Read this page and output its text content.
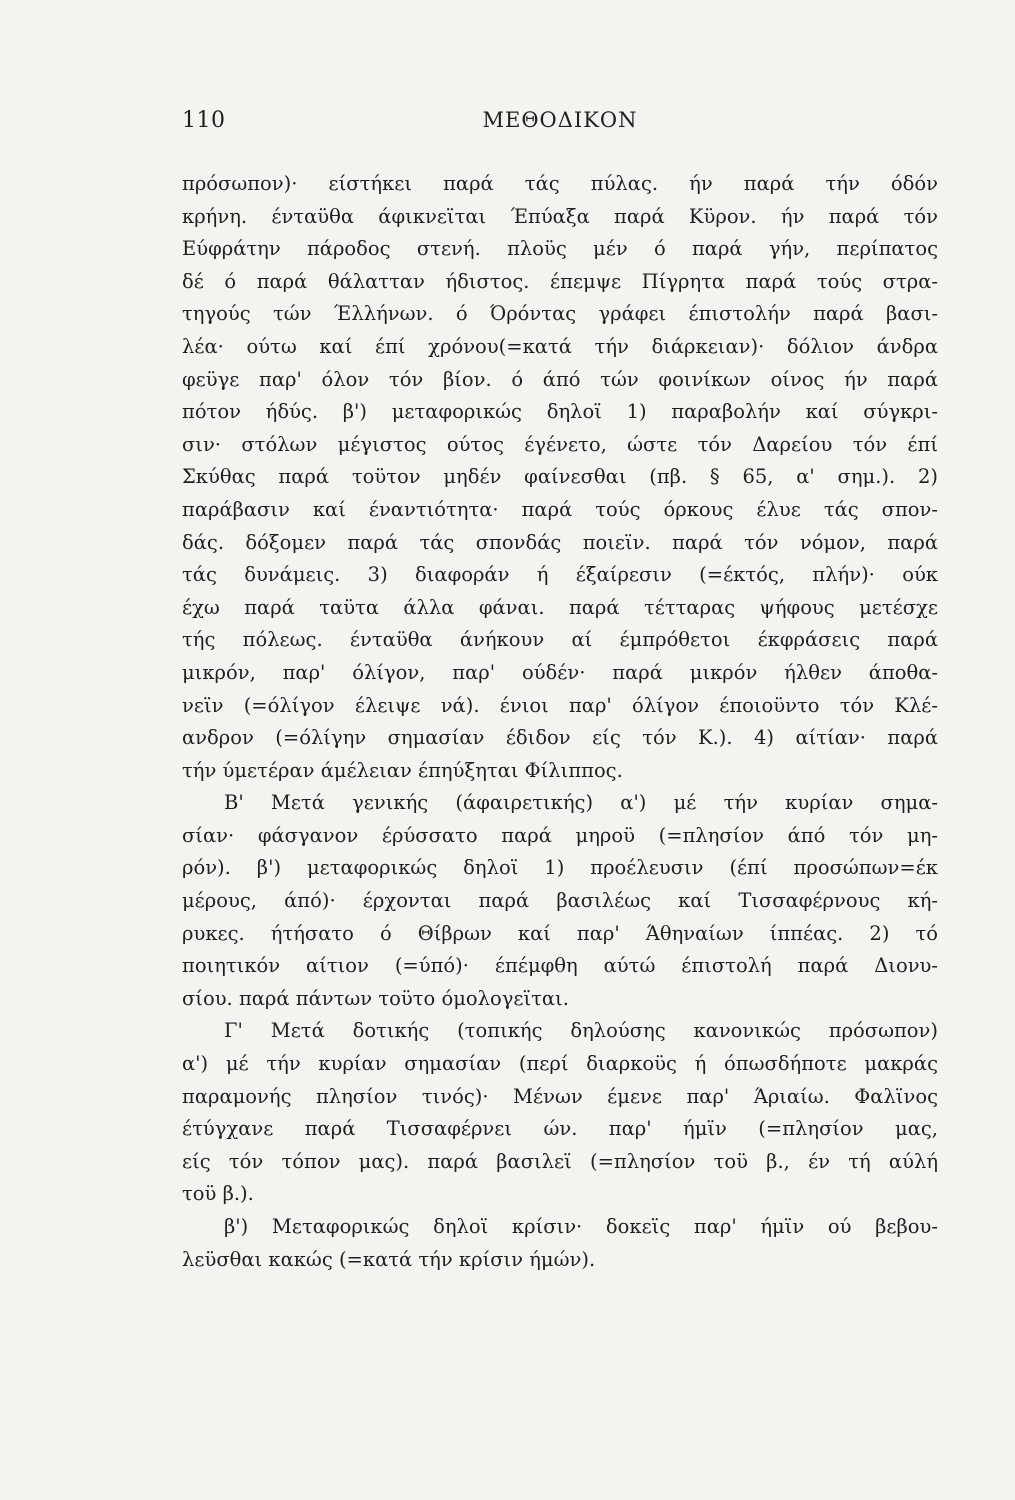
110	ΜΕΘΟΔΙΚΟΝ
πρόσωπον)· είστήκει παρά τάς πύλας. ήν παρά τήν όδόν
κρήνη. ένταϋθα άφικνεϊται Έπύαξα παρά Κϋρον. ήν παρά τόν
Εύφράτην πάροδος στενή. πλοϋς μέν ό παρά γήν, περίπατος
δέ ό παρά θάλατταν ήδιστος. έπεμψε Πίγρητα παρά τούς στρα-
τηγούς τών Έλλήνων. ό Όρόντας γράφει έπιστολήν παρά βασι-
λέα· ούτω καί έπί χρόνου(=κατά τήν διάρκειαν)· δόλιον άνδρα
φεϋγε παρ' όλον τόν βίον. ό άπό τών φοινίκων οίνος ήν παρά
πότον ήδύς. β') μεταφορικώς δηλοϊ 1) παραβολήν καί σύγκρι-
σιν· στόλων μέγιστος ούτος έγένετο, ώστε τόν Δαρείου τόν έπί
Σκύθας παρά τοϋτον μηδέν φαίνεσθαι (πβ. § 65, α' σημ.). 2)
παράβασιν καί έναντιότητα· παρά τούς όρκους έλυε τάς σπον-
δάς. δόξομεν παρά τάς σπονδάς ποιεϊν. παρά τόν νόμον, παρά
τάς δυνάμεις. 3) διαφοράν ή έξαίρεσιν (=έκτός, πλήν)· ούκ
έχω παρά ταϋτα άλλα φάναι. παρά τέτταρας ψήφους μετέσχε
τής πόλεως. ένταϋθα άνήκουν αί έμπρόθετοι έκφράσεις παρά
μικρόν, παρ' όλίγον, παρ' ούδέν· παρά μικρόν ήλθεν άποθα-
νεϊν (=όλίγον έλειψε νά). ένιοι παρ' όλίγον έποιοϋντο τόν Κλέ-
ανδρον (=όλίγην σημασίαν έδιδον είς τόν Κ.). 4) αίτίαν· παρά
τήν ύμετέραν άμέλειαν έπηύξηται Φίλιππος.
Β' Μετά γενικής (άφαιρετικής) α') μέ τήν κυρίαν σημα-
σίαν· φάσγανον έρύσσατο παρά μηροϋ (=πλησίον άπό τόν μη-
ρόν). β') μεταφορικώς δηλοϊ 1) προέλευσιν (έπί προσώπων=έκ
μέρους, άπό)· έρχονται παρά βασιλέως καί Τισσαφέρνους κή-
ρυκες. ήτήσατο ό Θίβρων καί παρ' Άθηναίων ίππέας. 2) τό
ποιητικόν αίτιον (=ύπό)· έπέμφθη αύτώ έπιστολή παρά Διονυ-
σίου. παρά πάντων τοϋτο όμολογεϊται.
Γ' Μετά δοτικής (τοπικής δηλούσης κανονικώς πρόσωπον)
α') μέ τήν κυρίαν σημασίαν (περί διαρκοϋς ή όπωσδήποτε μακράς
παραμονής πλησίον τινός)· Μένων έμενε παρ' Άριαίω. Φαλϊνος
έτύγχανε παρά Τισσαφέρνει ών. παρ' ήμϊν (=πλησίον μας,
είς τόν τόπον μας). παρά βασιλεϊ (=πλησίον τοϋ β., έν τή αύλή
τοϋ β.).
β') Μεταφορικώς δηλοϊ κρίσιν· δοκεϊς παρ' ήμϊν ού βεβου-
λεϋσθαι κακώς (=κατά τήν κρίσιν ήμών).
